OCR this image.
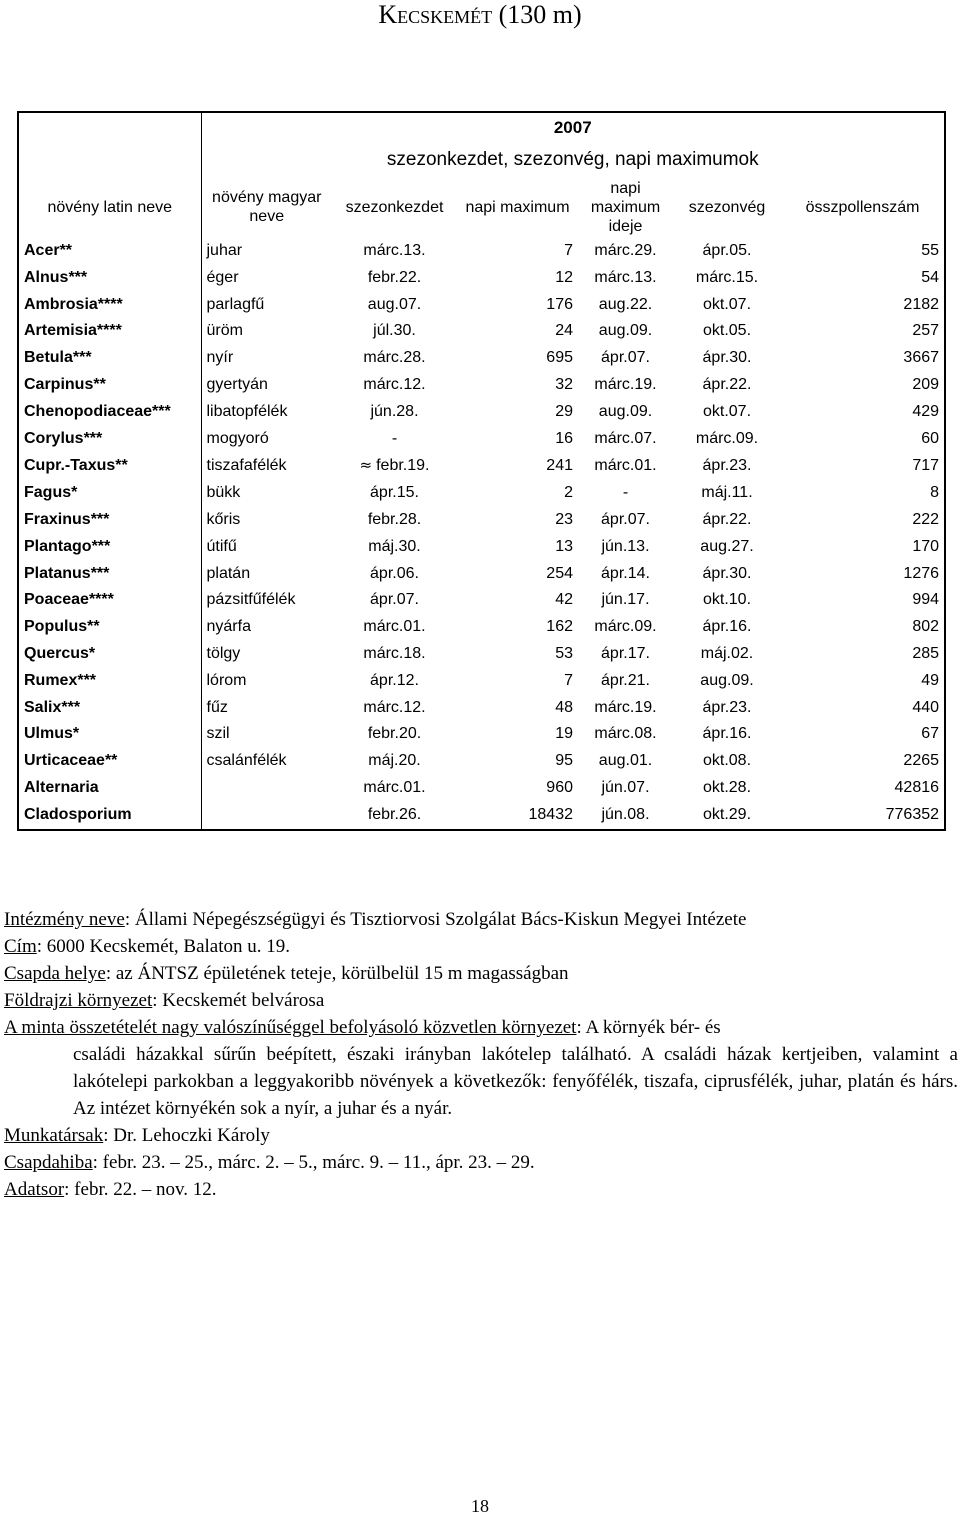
Kecskemét (130 m)
	2007					
	szezonkezdet, szezonvég, napi maximumok					
növény latin neve	növény magyar neve	szezonkezdet	napi maximum	napi maximum ideje	szezonvég	összpollenszám
Acer**	juhar	márc.13.	7	márc.29.	ápr.05.	55
Alnus***	éger	febr.22.	12	márc.13.	márc.15.	54
Ambrosia****	parlagfű	aug.07.	176	aug.22.	okt.07.	2182
Artemisia****	üröm	júl.30.	24	aug.09.	okt.05.	257
Betula***	nyír	márc.28.	695	ápr.07.	ápr.30.	3667
Carpinus**	gyertyán	márc.12.	32	márc.19.	ápr.22.	209
Chenopodiaceae***	libatopfélék	jún.28.	29	aug.09.	okt.07.	429
Corylus***	mogyoró	-	16	márc.07.	márc.09.	60
Cupr.-Taxus**	tiszafafélék	≈ febr.19.	241	márc.01.	ápr.23.	717
Fagus*	bükk	ápr.15.	2	-	máj.11.	8
Fraxinus***	kőris	febr.28.	23	ápr.07.	ápr.22.	222
Plantago***	útifű	máj.30.	13	jún.13.	aug.27.	170
Platanus***	platán	ápr.06.	254	ápr.14.	ápr.30.	1276
Poaceae****	pázsitfűfélék	ápr.07.	42	jún.17.	okt.10.	994
Populus**	nyárfa	márc.01.	162	márc.09.	ápr.16.	802
Quercus*	tölgy	márc.18.	53	ápr.17.	máj.02.	285
Rumex***	lórom	ápr.12.	7	ápr.21.	aug.09.	49
Salix***	fűz	márc.12.	48	márc.19.	ápr.23.	440
Ulmus*	szil	febr.20.	19	márc.08.	ápr.16.	67
Urticaceae**	csalánfélék	máj.20.	95	aug.01.	okt.08.	2265
Alternaria		márc.01.	960	jún.07.	okt.28.	42816
Cladosporium		febr.26.	18432	jún.08.	okt.29.	776352
Intézmény neve: Állami Népegészségügyi és Tisztiorvosi Szolgálat Bács-Kiskun Megyei Intézete
Cím: 6000 Kecskemét, Balaton u. 19.
Csapda helye: az ÁNTSZ épületének teteje, körülbelül 15 m magasságban
Földrajzi környezet: Kecskemét belvárosa
A minta összetételét nagy valószínűséggel befolyásoló közvetlen környezet: A környék bér- és
családi házakkal sűrűn beépített, északi irányban lakótelep található. A családi házak kertjeiben, valamint a lakótelepi parkokban a leggyakoribb növények a következők: fenyőfélék, tiszafa, ciprusfélék, juhar, platán és hárs. Az intézet környékén sok a nyír, a juhar és a nyár.
Munkatársak: Dr. Lehoczki Károly
Csapdahiba: febr. 23. – 25., márc. 2. – 5., márc. 9. – 11., ápr. 23. – 29.
Adatsor: febr. 22. – nov. 12.
18
